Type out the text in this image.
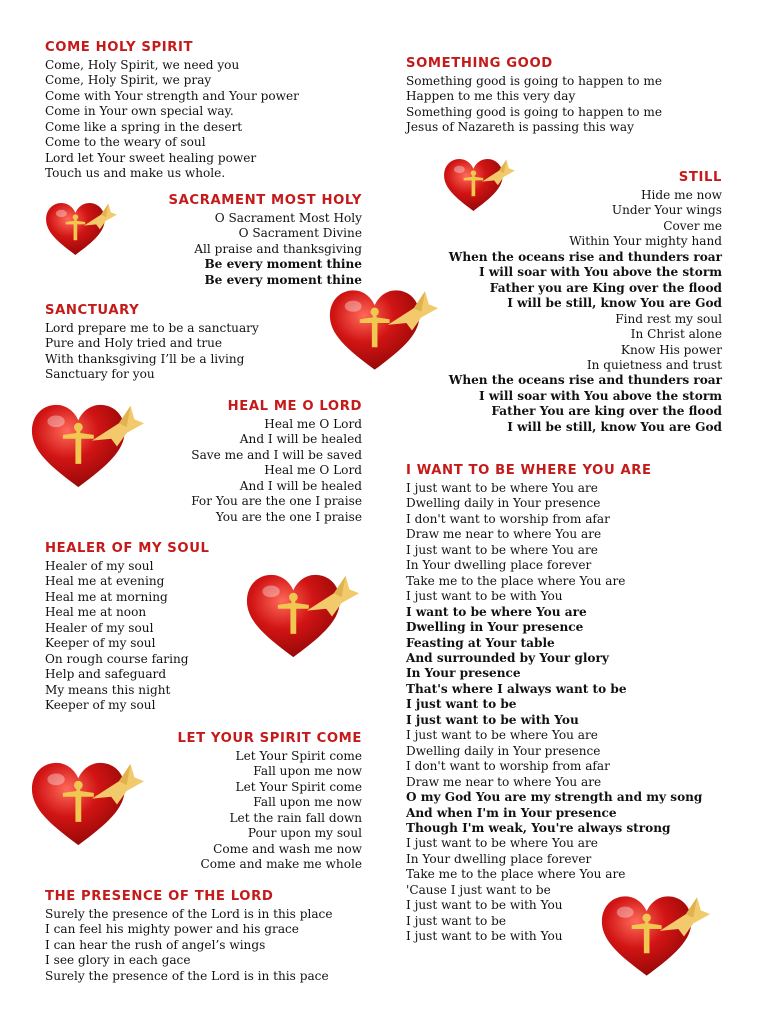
COME HOLY SPIRIT
Come, Holy Spirit, we need you
Come, Holy Spirit, we pray
Come with Your strength and Your power
Come in Your own special way.
Come like a spring in the desert
Come to the weary of soul
Lord let Your sweet healing power
Touch us and make us whole.
SACRAMENT MOST HOLY
O Sacrament Most Holy
O Sacrament Divine
All praise and thanksgiving
Be every moment thine
Be every moment thine
SANCTUARY
Lord prepare me to be a sanctuary
Pure and Holy tried and true
With thanksgiving I’ll be a living
Sanctuary for you
HEAL ME O LORD
Heal me O Lord
And I will be healed
Save me and I will be saved
Heal me O Lord
And I will be healed
For You are the one I praise
You are the one I praise
HEALER OF MY SOUL
Healer of my soul
Heal me at evening
Heal me at morning
Heal me at noon
Healer of my soul
Keeper of my soul
On rough course faring
Help and safeguard
My means this night
Keeper of my soul
LET YOUR SPIRIT COME
Let Your Spirit come
Fall upon me now
Let Your Spirit come
Fall upon me now
Let the rain fall down
Pour upon my soul
Come and wash me now
Come and make me whole
THE PRESENCE OF THE LORD
Surely the presence of the Lord is in this place
I can feel his mighty power and his grace
I can hear the rush of angel’s wings
I see glory in each gace
Surely the presence of the Lord is in this pace
SOMETHING GOOD
Something good is going to happen to me
Happen to me this very day
Something good is going to happen to me
Jesus of Nazareth is passing this way
STILL
Hide me now
Under Your wings
Cover me
Within Your mighty hand
When the oceans rise and thunders roar
I will soar with You above the storm
Father you are King over the flood
I will be still, know You are God
Find rest my soul
In Christ alone
Know His power
In quietness and trust
When the oceans rise and thunders roar
I will soar with You above the storm
Father You are king over the flood
I will be still, know You are God
I WANT TO BE WHERE YOU ARE
I just want to be where You are
Dwelling daily in Your presence
I don't want to worship from afar
Draw me near to where You are
I just want to be where You are
In Your dwelling place forever
Take me to the place where You are
I just want to be with You
I want to be where You are
Dwelling in Your presence
Feasting at Your table
And surrounded by Your glory
In Your presence
That's where I always want to be
I just want to be
I just want to be with You
I just want to be where You are
Dwelling daily in Your presence
I don't want to worship from afar
Draw me near to where You are
O my God You are my strength and my song
And when I'm in Your presence
Though I'm weak, You're always strong
I just want to be where You are
In Your dwelling place forever
Take me to the place where You are
'Cause I just want to be
I just want to be with You
I just want to be
I just want to be with You
